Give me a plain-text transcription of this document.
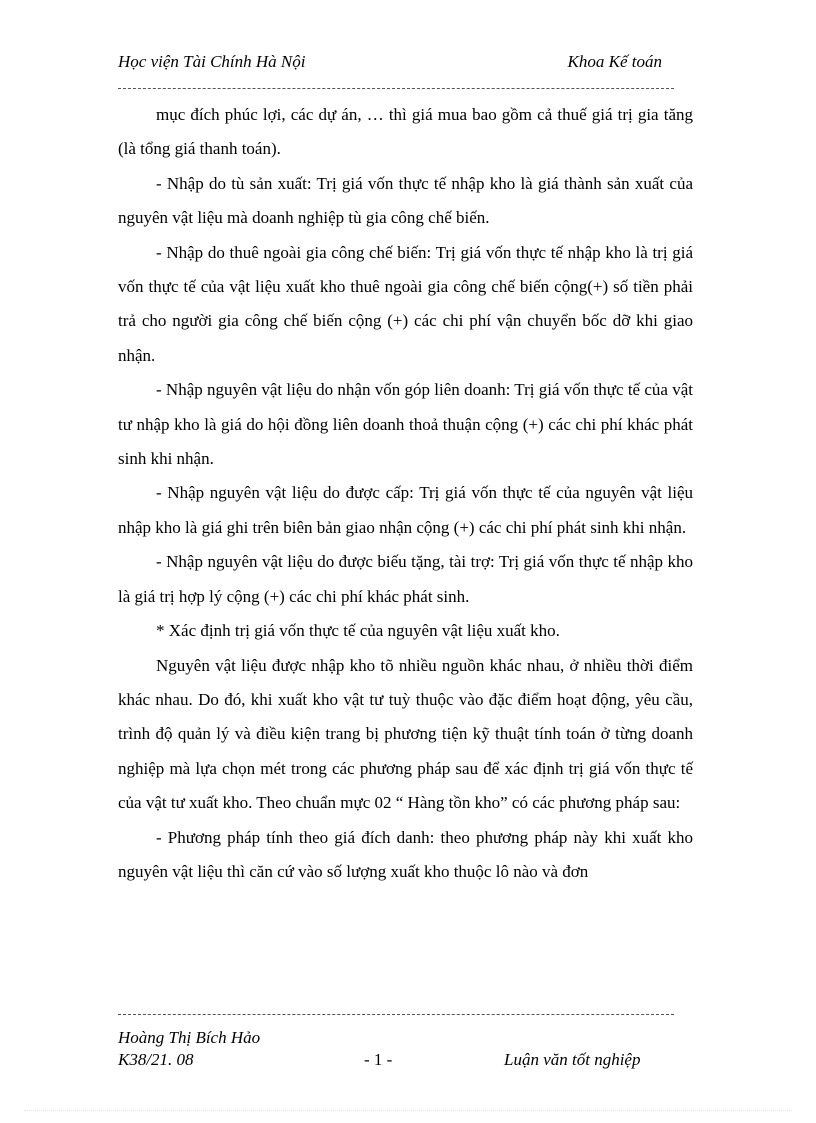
Học viện Tài Chính Hà Nội	Khoa Kế toán

mục đích phúc lợi, các dự án, … thì giá mua bao gồm cả thuế giá trị gia tăng (là tổng giá thanh toán).

- Nhập do tù sản xuất: Trị giá vốn thực tế nhập kho là giá thành sản xuất của nguyên vật liệu mà doanh nghiệp tù gia công chế biến.

- Nhập do thuê ngoài gia công chế biến: Trị giá vốn thực tế nhập kho là trị giá vốn thực tế của vật liệu xuất kho thuê ngoài gia công chế biến cộng(+) số tiền phải trả cho người gia công chế biến cộng (+) các chi phí vận chuyển bốc dỡ khi giao nhận.

- Nhập nguyên vật liệu do nhận vốn góp liên doanh: Trị giá vốn thực tế của vật tư nhập kho là giá do hội đồng liên doanh thoả thuận cộng (+) các chi phí khác phát sinh khi nhận.

- Nhập nguyên vật liệu do được cấp: Trị giá vốn thực tế của nguyên vật liệu nhập kho là giá ghi trên biên bản giao nhận cộng (+) các chi phí phát sinh khi nhận.

- Nhập nguyên vật liệu do được biếu tặng, tài trợ: Trị giá vốn thực tế nhập kho là giá trị hợp lý cộng (+) các chi phí khác phát sinh.

* Xác định trị giá vốn thực tế của nguyên vật liệu xuất kho.

Nguyên vật liệu được nhập kho tõ nhiều nguồn khác nhau, ở nhiều thời điểm khác nhau. Do đó, khi xuất kho vật tư tuỳ thuộc vào đặc điểm hoạt động, yêu cầu, trình độ quản lý và điều kiện trang bị phương tiện kỹ thuật tính toán ở từng doanh nghiệp mà lựa chọn mét trong các phương pháp sau để xác định trị giá vốn thực tế của vật tư xuất kho. Theo chuẩn mực 02 “ Hàng tồn kho” có các phương pháp sau:

- Phương pháp tính theo giá đích danh: theo phương pháp này khi xuất kho nguyên vật liệu thì căn cứ vào số lượng xuất kho thuộc lô nào và đơn

Hoàng Thị Bích Hảo
K38/21. 08	- 1 -	Luận văn tốt nghiệp
